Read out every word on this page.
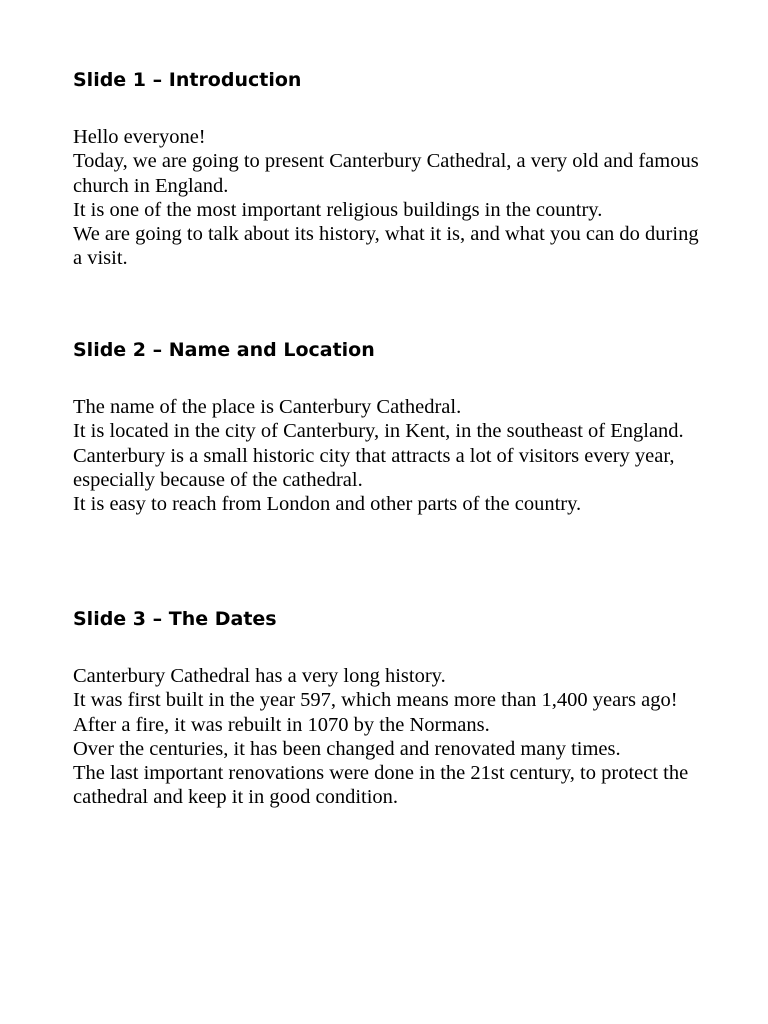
Slide 1 – Introduction

Hello everyone!

Today, we are going to present Canterbury Cathedral, a very old and famous church in England.

It is one of the most important religious buildings in the country.

We are going to talk about its history, what it is, and what you can do during a visit.

Slide 2 – Name and Location

The name of the place is Canterbury Cathedral.

It is located in the city of Canterbury, in Kent, in the southeast of England.

Canterbury is a small historic city that attracts a lot of visitors every year, especially because of the cathedral.

It is easy to reach from London and other parts of the country.

Slide 3 – The Dates

Canterbury Cathedral has a very long history.

It was first built in the year 597, which means more than 1,400 years ago!

After a fire, it was rebuilt in 1070 by the Normans.

Over the centuries, it has been changed and renovated many times.

The last important renovations were done in the 21st century, to protect the cathedral and keep it in good condition.
